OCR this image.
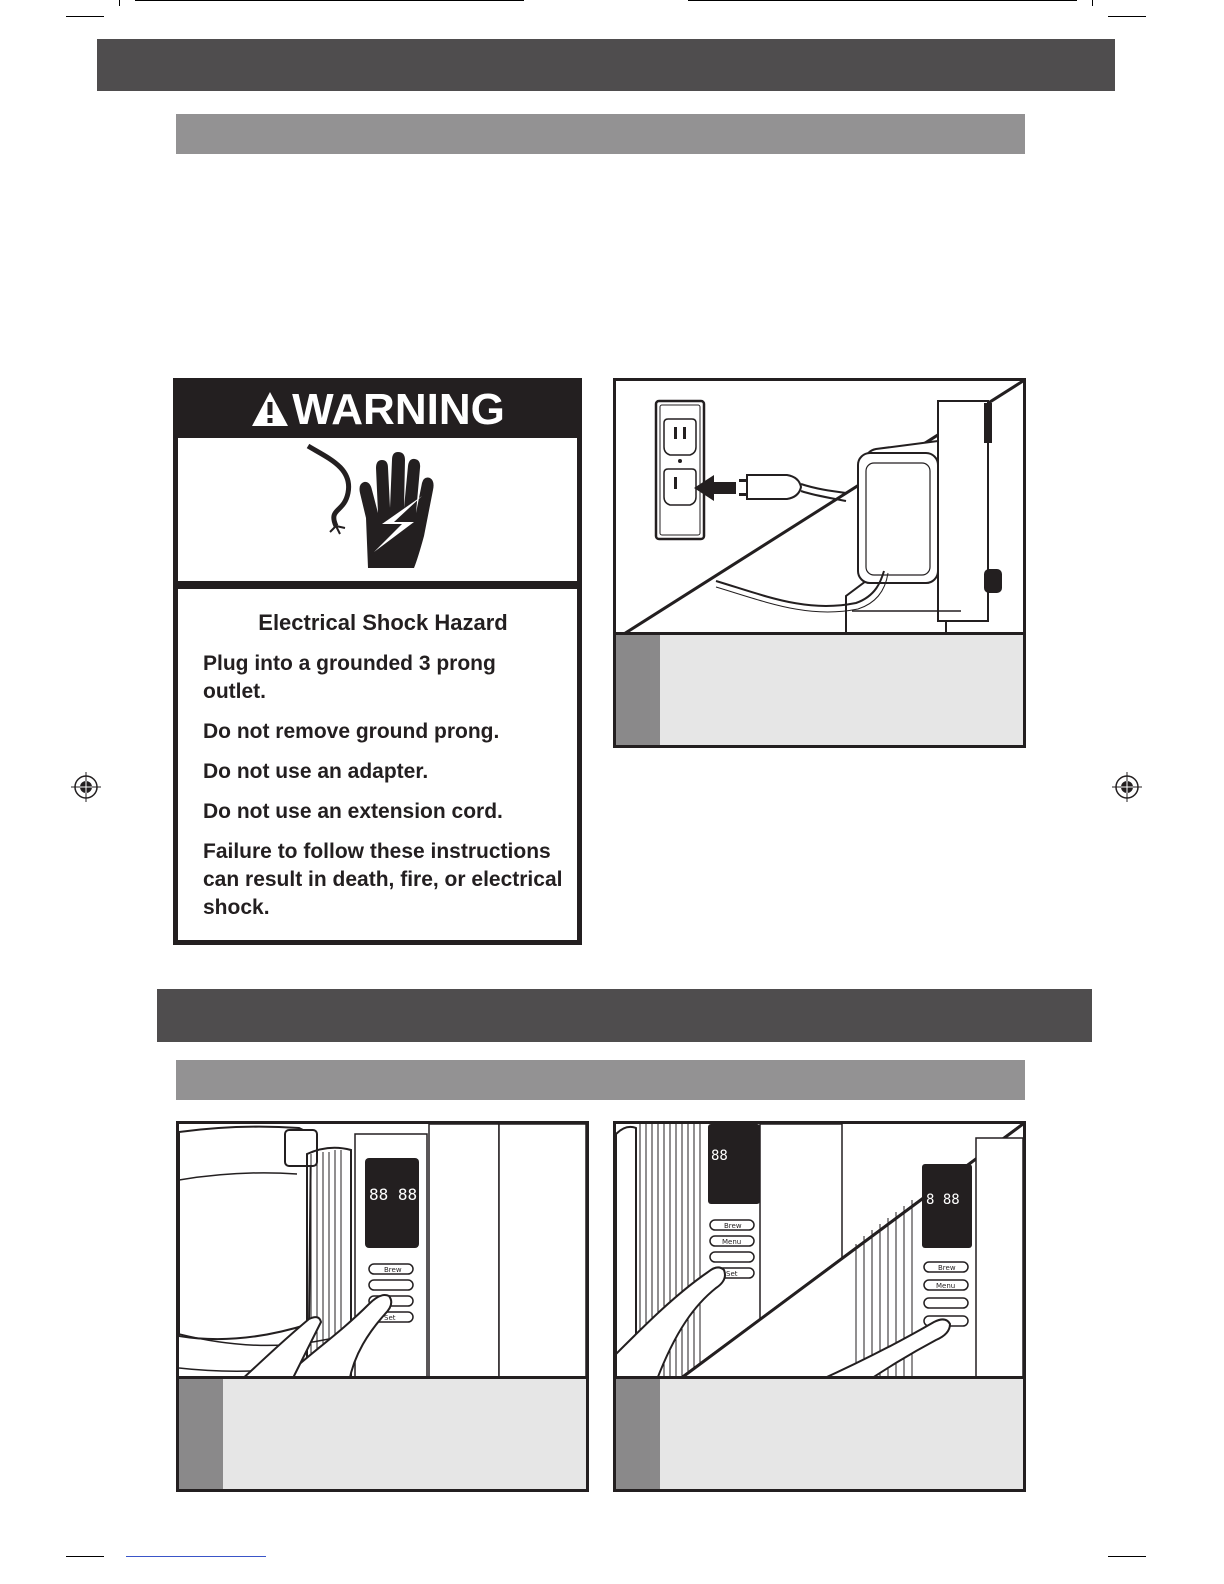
WARNING
Electrical Shock Hazard
Plug into a grounded 3 prong outlet.
Do not remove ground prong.
Do not use an adapter.
Do not use an extension cord.
Failure to follow these instructions can result in death, fire, or electrical shock.
88 88
Brew
Set
88
Brew
Menu
Set
8 88
Brew
Menu
